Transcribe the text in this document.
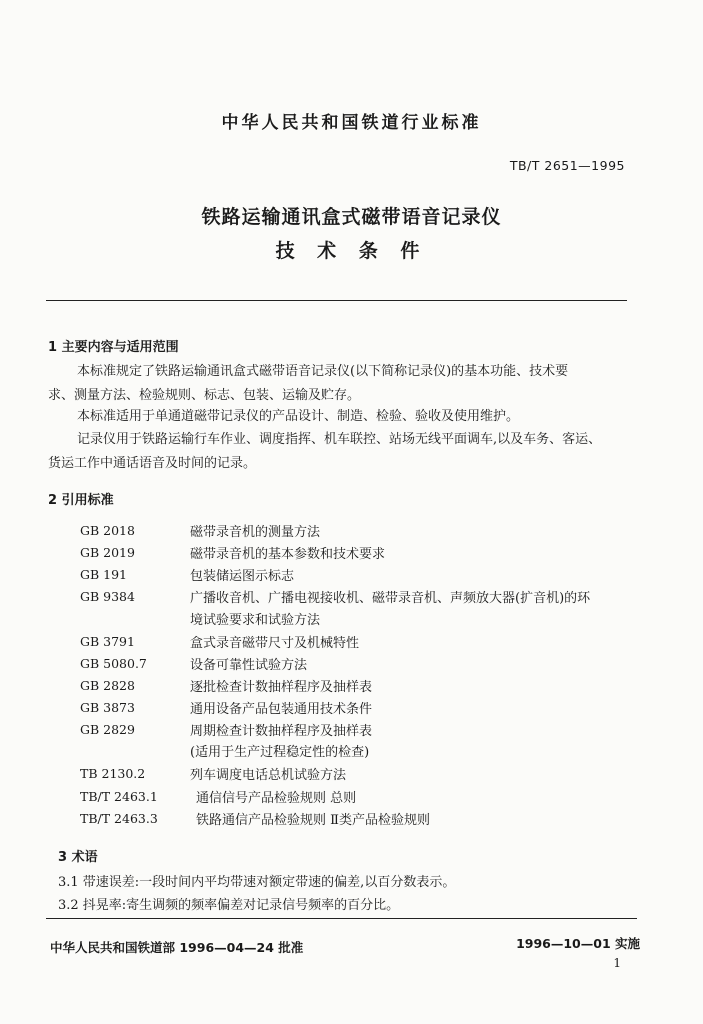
中华人民共和国铁道行业标准
TB/T 2651—1995
铁路运输通讯盒式磁带语音记录仪
技 术 条 件
1 主要内容与适用范围
本标准规定了铁路运输通讯盒式磁带语音记录仪(以下简称记录仪)的基本功能、技术要
求、测量方法、检验规则、标志、包装、运输及贮存。
本标准适用于单通道磁带记录仪的产品设计、制造、检验、验收及使用维护。
记录仪用于铁路运输行车作业、调度指挥、机车联控、站场无线平面调车,以及车务、客运、
货运工作中通话语音及时间的记录。
2 引用标准
GB 2018	磁带录音机的测量方法
GB 2019	磁带录音机的基本参数和技术要求
GB 191	包装储运图示标志
GB 9384	广播收音机、广播电视接收机、磁带录音机、声频放大器(扩音机)的环
境试验要求和试验方法
GB 3791	盒式录音磁带尺寸及机械特性
GB 5080.7	设备可靠性试验方法
GB 2828	逐批检查计数抽样程序及抽样表
GB 3873	通用设备产品包装通用技术条件
GB 2829	周期检查计数抽样程序及抽样表
(适用于生产过程稳定性的检查)
TB 2130.2	列车调度电话总机试验方法
TB/T 2463.1	通信信号产品检验规则 总则
TB/T 2463.3	铁路通信产品检验规则 Ⅱ类产品检验规则
3 术语
3.1 带速误差:一段时间内平均带速对额定带速的偏差,以百分数表示。
3.2 抖晃率:寄生调频的频率偏差对记录信号频率的百分比。
中华人民共和国铁道部 1996—04—24 批准	1996—10—01 实施
1
